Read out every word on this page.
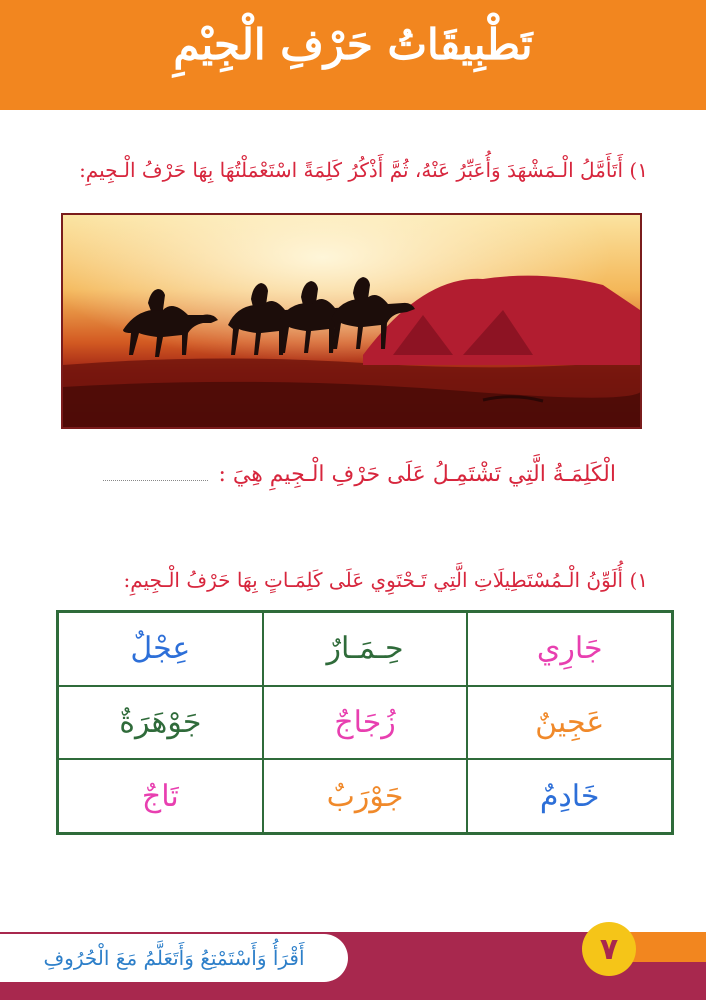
تَطْبِيقَاتُ حَرْفِ الْجِيْمِ
١) أَتَأَمَّلُ الْـمَشْهَدَ وَأُعَبِّرُ عَنْهُ، ثُمَّ أَذْكُرُ كَلِمَةً اسْتَعْمَلْتُهَا بِهَا حَرْفُ الْـجِيمِ:
الْكَلِمَـةُ الَّتِي تَشْتَمِـلُ عَلَى حَرْفِ الْـجِيمِ هِيَ :
١) أُلَوِّنُ الْـمُسْتَطِيلَاتِ الَّتِي تَـحْتَوِي عَلَى كَلِمَـاتٍ بِهَا حَرْفُ الْـجِيمِ:
جَارِي
حِـمَـارٌ
عِجْلٌ
عَجِينٌ
زُجَاجٌ
جَوْهَرَةٌ
خَادِمٌ
جَوْرَبٌ
تَاجٌ
أَقْرَأُ وَأَسْتَمْتِعُ وَأَتَعَلَّمُ مَعَ الْحُرُوفِ	٧
